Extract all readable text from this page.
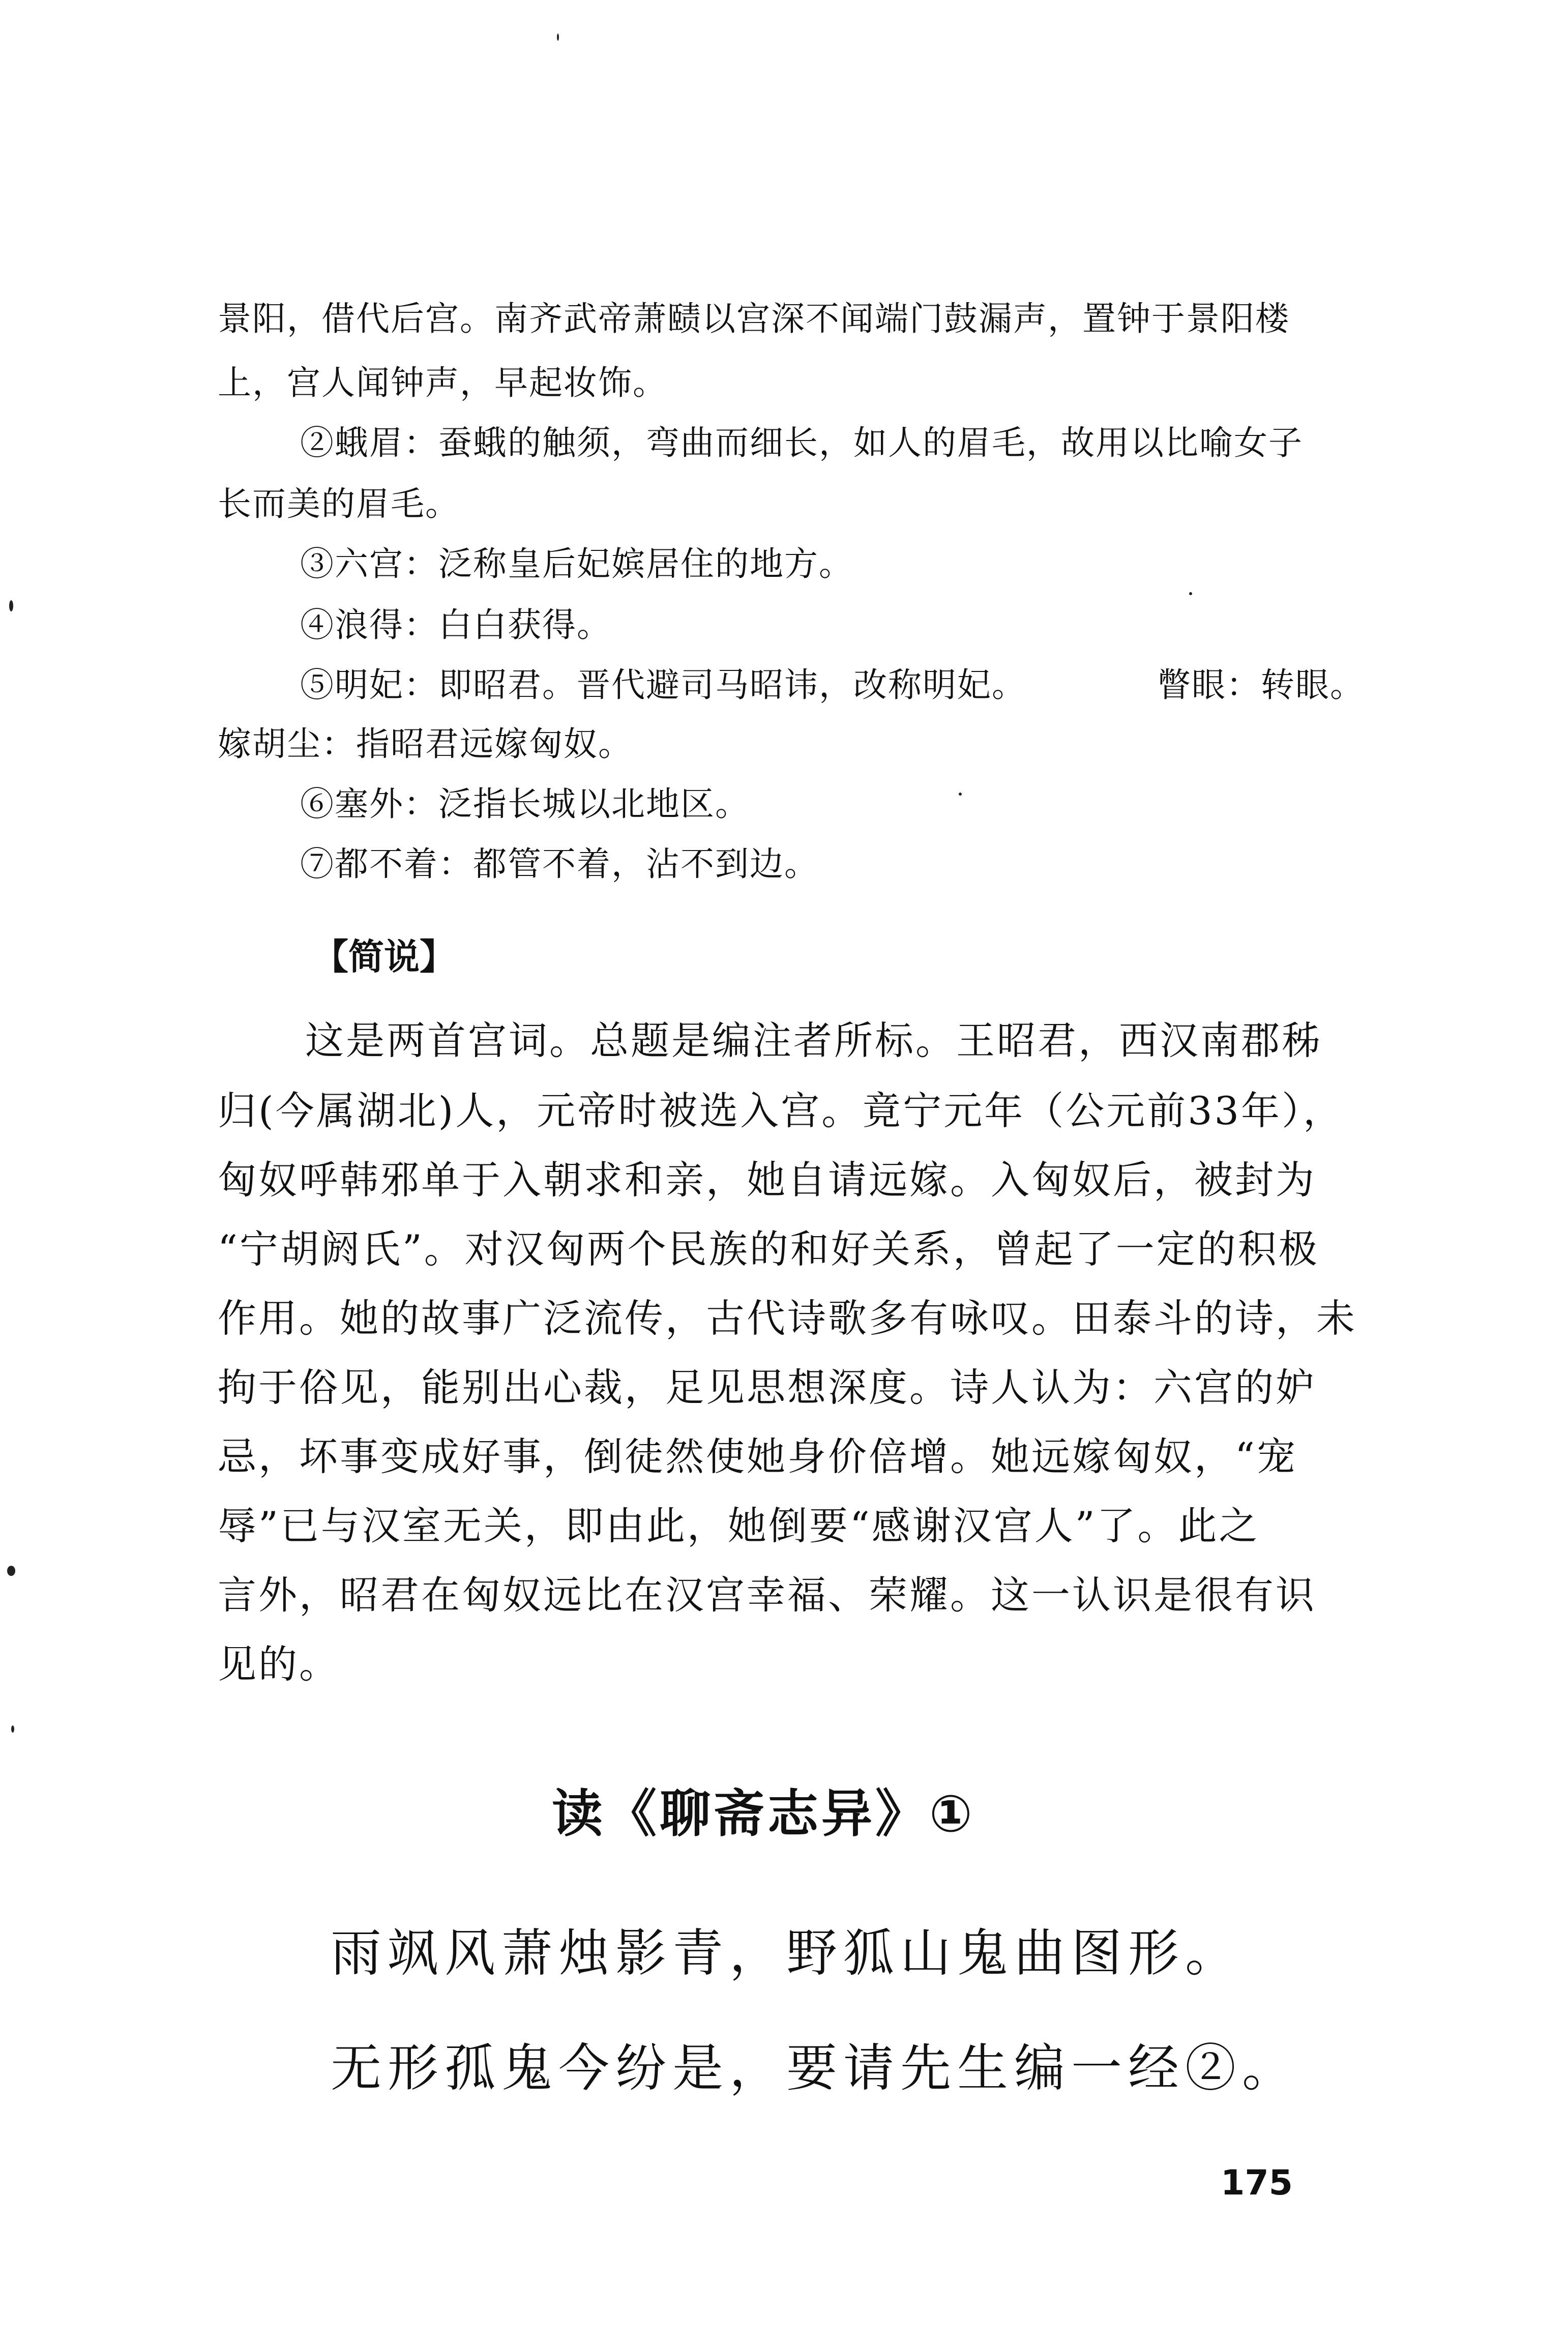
景阳，借代后宫。南齐武帝萧赜以宫深不闻端门鼓漏声，置钟于景阳楼
上，宫人闻钟声，早起妆饰。
②蛾眉：蚕蛾的触须，弯曲而细长，如人的眉毛，故用以比喻女子
长而美的眉毛。
③六宫：泛称皇后妃嫔居住的地方。
④浪得：白白获得。
⑤明妃：即昭君。晋代避司马昭讳，改称明妃。	瞥眼：转眼。
嫁胡尘：指昭君远嫁匈奴。
⑥塞外：泛指长城以北地区。
⑦都不着：都管不着，沾不到边。
【简说】
这是两首宫词。总题是编注者所标。王昭君，西汉南郡秭
归(今属湖北)人，元帝时被选入宫。竟宁元年（公元前33年），
匈奴呼韩邪单于入朝求和亲，她自请远嫁。入匈奴后，被封为
“宁胡阏氏”。对汉匈两个民族的和好关系，曾起了一定的积极
作用。她的故事广泛流传，古代诗歌多有咏叹。田泰斗的诗，未
拘于俗见，能别出心裁，足见思想深度。诗人认为：六宫的妒
忌，坏事变成好事，倒徒然使她身价倍增。她远嫁匈奴，“宠
辱”已与汉室无关，即由此，她倒要“感谢汉宫人”了。此之
言外，昭君在匈奴远比在汉宫幸福、荣耀。这一认识是很有识
见的。
读《聊斋志异》①
雨飒风萧烛影青，野狐山鬼曲图形。
无形孤鬼今纷是，要请先生编一经②。
175
